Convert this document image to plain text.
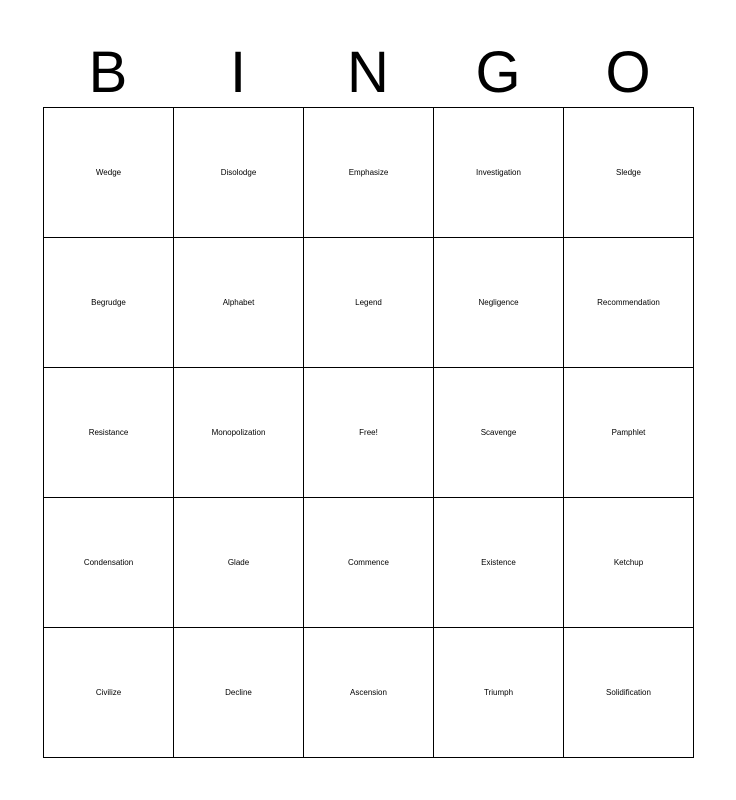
B	I	N	G	O
Wedge	Disolodge	Emphasize	Investigation	Sledge
Begrudge	Alphabet	Legend	Negligence	Recommendation
Resistance	Monopolization	Free!	Scavenge	Pamphlet
Condensation	Glade	Commence	Existence	Ketchup
Civilize	Decline	Ascension	Triumph	Solidification
